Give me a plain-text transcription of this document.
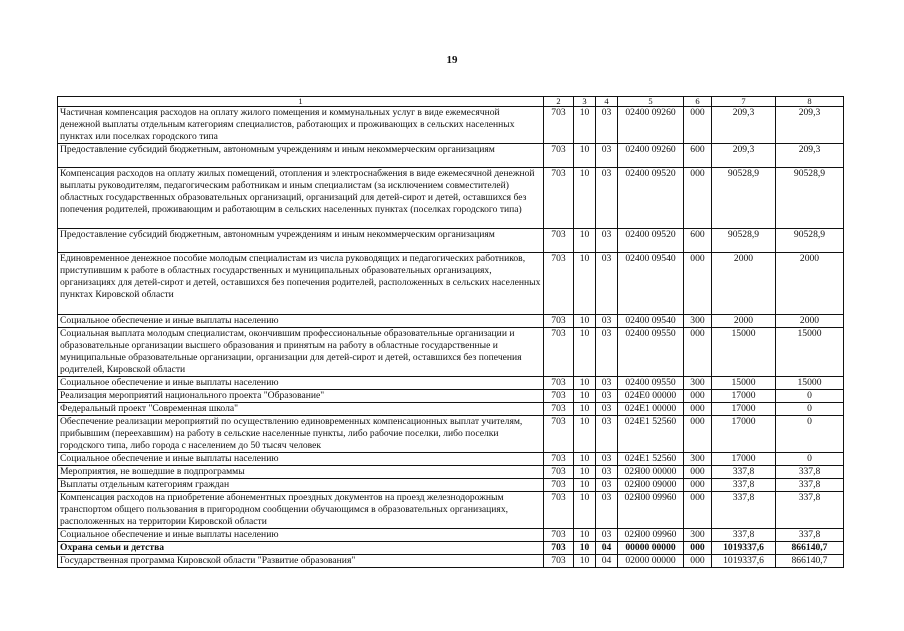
19
1	2	3	4	5	6	7	8
Частичная компенсация расходов на оплату жилого помещения и коммунальных услуг в виде ежемесячной денежной выплаты отдельным категориям специалистов, работающих и проживающих в сельских населенных пунктах или поселках городского типа	703	10	03	02400 09260	000	209,3	209,3
Предоставление субсидий бюджетным, автономным учреждениям и иным некоммерческим организациям	703	10	03	02400 09260	600	209,3	209,3
Компенсация расходов на оплату жилых помещений, отопления и электроснабжения в виде ежемесячной денежной выплаты руководителям, педагогическим работникам и иным специалистам (за исключением совместителей) областных государственных образовательных организаций, организаций для детей-сирот и детей, оставшихся без попечения родителей, проживающим и работающим в сельских населенных пунктах (поселках городского типа)	703	10	03	02400 09520	000	90528,9	90528,9
Предоставление субсидий бюджетным, автономным учреждениям и иным некоммерческим организациям	703	10	03	02400 09520	600	90528,9	90528,9
Единовременное денежное пособие молодым специалистам из числа руководящих и педагогических работников, приступившим к работе в областных государственных и муниципальных образовательных организациях, организациях для детей-сирот и детей, оставшихся без попечения родителей, расположенных в сельских населенных пунктах Кировской области	703	10	03	02400 09540	000	2000	2000
Социальное обеспечение и иные выплаты населению	703	10	03	02400 09540	300	2000	2000
Социальная выплата молодым специалистам, окончившим профессиональные образовательные организации и образовательные организации высшего образования и принятым на работу в областные государственные и муниципальные образовательные организации, организации для детей-сирот и детей, оставшихся без попечения родителей, Кировской области	703	10	03	02400 09550	000	15000	15000
Социальное обеспечение и иные выплаты населению	703	10	03	02400 09550	300	15000	15000
Реализация мероприятий национального проекта "Образование"	703	10	03	024E0 00000	000	17000	0
Федеральный проект "Современная школа"	703	10	03	024E1 00000	000	17000	0
Обеспечение реализации мероприятий по осуществлению единовременных компенсационных выплат учителям, прибывшим (переехавшим) на работу в сельские населенные пункты, либо рабочие поселки, либо поселки городского типа, либо города с населением до 50 тысяч человек	703	10	03	024E1 52560	000	17000	0
Социальное обеспечение и иные выплаты населению	703	10	03	024E1 52560	300	17000	0
Мероприятия, не вошедшие в подпрограммы	703	10	03	02Я00 00000	000	337,8	337,8
Выплаты отдельным категориям граждан	703	10	03	02Я00 09000	000	337,8	337,8
Компенсация расходов на приобретение абонементных проездных документов на проезд железнодорожным транспортом общего пользования в пригородном сообщении обучающимся в образовательных организациях, расположенных на территории Кировской области	703	10	03	02Я00 09960	000	337,8	337,8
Социальное обеспечение и иные выплаты населению	703	10	03	02Я00 09960	300	337,8	337,8
Охрана семьи и детства	703	10	04	00000 00000	000	1019337,6	866140,7
Государственная программа Кировской области "Развитие образования"	703	10	04	02000 00000	000	1019337,6	866140,7
